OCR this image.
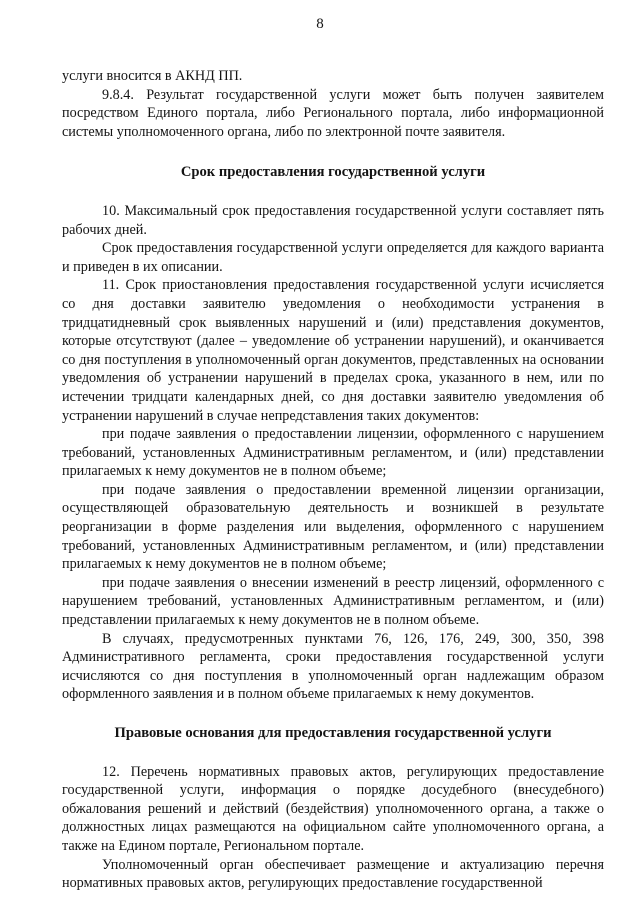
8

услуги вносится в АКНД ПП.

9.8.4. Результат государственной услуги может быть получен заявителем посредством Единого портала, либо Регионального портала, либо информационной системы уполномоченного органа, либо по электронной почте заявителя.

Срок предоставления государственной услуги

10. Максимальный срок предоставления государственной услуги составляет пять рабочих дней.

Срок предоставления государственной услуги определяется для каждого варианта и приведен в их описании.

11. Срок приостановления предоставления государственной услуги исчисляется со дня доставки заявителю уведомления о необходимости устранения в тридцатидневный срок выявленных нарушений и (или) представления документов, которые отсутствуют (далее – уведомление об устранении нарушений), и оканчивается со дня поступления в уполномоченный орган документов, представленных на основании уведомления об устранении нарушений в пределах срока, указанного в нем, или по истечении тридцати календарных дней, со дня доставки заявителю уведомления об устранении нарушений в случае непредставления таких документов:

при подаче заявления о предоставлении лицензии, оформленного с нарушением требований, установленных Административным регламентом, и (или) представлении прилагаемых к нему документов не в полном объеме;

при подаче заявления о предоставлении временной лицензии организации, осуществляющей образовательную деятельность и возникшей в результате реорганизации в форме разделения или выделения, оформленного с нарушением требований, установленных Административным регламентом, и (или) представлении прилагаемых к нему документов не в полном объеме;

при подаче заявления о внесении изменений в реестр лицензий, оформленного с нарушением требований, установленных Административным регламентом, и (или) представлении прилагаемых к нему документов не в полном объеме.

В случаях, предусмотренных пунктами 76, 126, 176, 249, 300, 350, 398 Административного регламента, сроки предоставления государственной услуги исчисляются со дня поступления в уполномоченный орган надлежащим образом оформленного заявления и в полном объеме прилагаемых к нему документов.

Правовые основания для предоставления государственной услуги

12. Перечень нормативных правовых актов, регулирующих предоставление государственной услуги, информация о порядке досудебного (внесудебного) обжалования решений и действий (бездействия) уполномоченного органа, а также о должностных лицах размещаются на официальном сайте уполномоченного органа, а также на Едином портале, Региональном портале.

Уполномоченный орган обеспечивает размещение и актуализацию перечня нормативных правовых актов, регулирующих предоставление государственной
